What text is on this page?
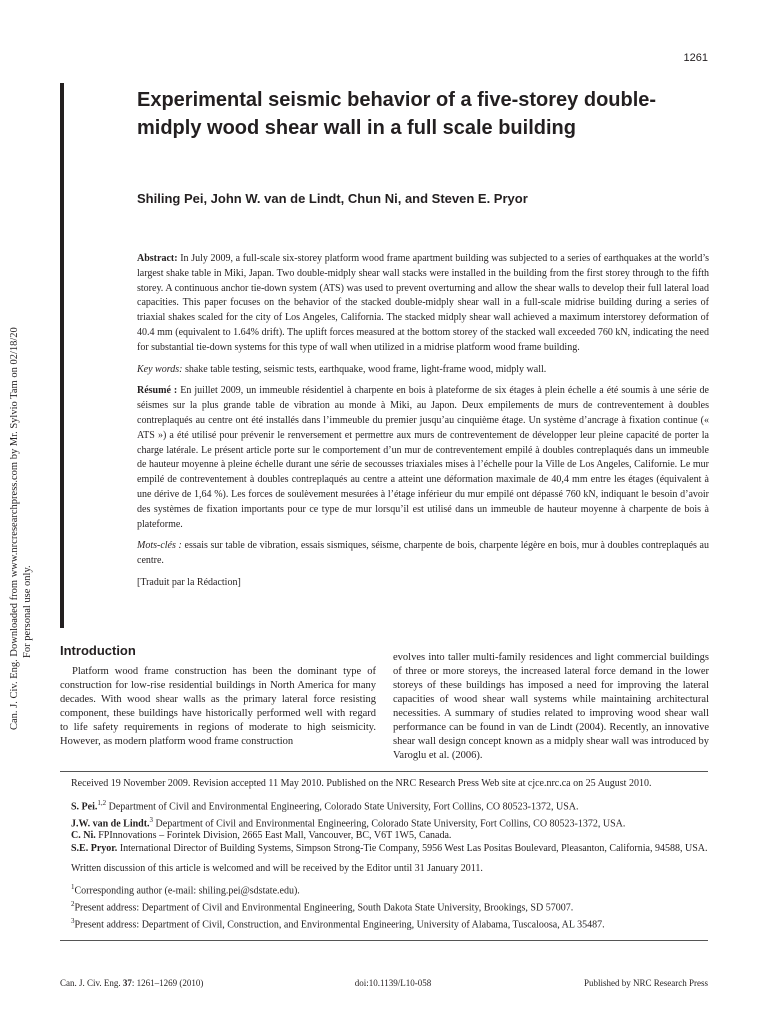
1261
Experimental seismic behavior of a five-storey double-midply wood shear wall in a full scale building
Shiling Pei, John W. van de Lindt, Chun Ni, and Steven E. Pryor
Can. J. Civ. Eng. Downloaded from www.nrcresearchpress.com by Mr. Sylvio Tam on 02/18/20 For personal use only.

Abstract: In July 2009, a full-scale six-storey platform wood frame apartment building was subjected to a series of earthquakes at the world’s largest shake table in Miki, Japan. Two double-midply shear wall stacks were installed in the building from the first storey through to the fifth storey. A continuous anchor tie-down system (ATS) was used to prevent overturning and allow the shear walls to develop their full lateral load capacities. This paper focuses on the behavior of the stacked double-midply shear wall in a full-scale midrise building during a series of triaxial shakes scaled for the city of Los Angeles, California. The stacked midply shear wall achieved a maximum interstorey deformation of 40.4 mm (equivalent to 1.64% drift). The uplift forces measured at the bottom storey of the stacked wall exceeded 760 kN, indicating the need for substantial tie-down systems for this type of wall when utilized in a midrise platform wood frame building.

Key words: shake table testing, seismic tests, earthquake, wood frame, light-frame wood, midply wall.

Résumé : En juillet 2009, un immeuble résidentiel à charpente en bois à plateforme de six étages à plein échelle a été soumis à une série de séismes sur la plus grande table de vibration au monde à Miki, au Japon. Deux empilements de murs de contreventement à doubles contreplaqués au centre ont été installés dans l’immeuble du premier jusqu’au cinquième étage. Un système d’ancrage à fixation continue (« ATS ») a été utilisé pour prévenir le renversement et permettre aux murs de contreventement de développer leur pleine capacité de porter la charge latérale. Le présent article porte sur le comportement d’un mur de contreventement empilé à doubles contreplaqués dans un immeuble de hauteur moyenne à pleine échelle durant une série de secousses triaxiales mises à l’échelle pour la Ville de Los Angeles, Californie. Le mur empilé de contreventement à doubles contreplaqués au centre a atteint une déformation maximale de 40,4 mm entre les étages (équivalent à une dérive de 1,64 %). Les forces de soulèvement mesurées à l’étage inférieur du mur empilé ont dépassé 760 kN, indiquant le besoin d’avoir des systèmes de fixation importants pour ce type de mur lorsqu’il est utilisé dans un immeuble de hauteur moyenne à charpente de bois à plateforme.

Mots-clés : essais sur table de vibration, essais sismiques, séisme, charpente de bois, charpente légère en bois, mur à doubles contreplaqués au centre.

[Traduit par la Rédaction]

Introduction

Platform wood frame construction has been the dominant type of construction for low-rise residential buildings in North America for many decades. With wood shear walls as the primary lateral force resisting component, these buildings have historically performed well with regard to life safety requirements in regions of moderate to high seismicity. However, as modern platform wood frame construction

evolves into taller multi-family residences and light commercial buildings of three or more storeys, the increased lateral force demand in the lower storeys of these buildings has imposed a need for improving the lateral capacities of wood shear wall systems while maintaining architectural necessities. A summary of studies related to improving wood shear wall performance can be found in van de Lindt (2004). Recently, an innovative shear wall design concept known as a midply shear wall was introduced by Varoglu et al. (2006).

Received 19 November 2009. Revision accepted 11 May 2010. Published on the NRC Research Press Web site at cjce.nrc.ca on 25 August 2010.

S. Pei.$^{1,2}$ Department of Civil and Environmental Engineering, Colorado State University, Fort Collins, CO 80523-1372, USA.

J.W. van de Lindt.$^3$ Department of Civil and Environmental Engineering, Colorado State University, Fort Collins, CO 80523-1372, USA.

C. Ni. FPInnovations – Forintek Division, 2665 East Mall, Vancouver, BC, V6T 1W5, Canada.

S.E. Pryor. International Director of Building Systems, Simpson Strong-Tie Company, 5956 West Las Positas Boulevard, Pleasanton, California, 94588, USA.

Written discussion of this article is welcomed and will be received by the Editor until 31 January 2011.

$^1$Corresponding author (e-mail: shiling.pei@sdstate.edu).

$^2$Present address: Department of Civil and Environmental Engineering, South Dakota State University, Brookings, SD 57007.

$^3$Present address: Department of Civil, Construction, and Environmental Engineering, University of Alabama, Tuscaloosa, AL 35487.

Can. J. Civ. Eng. 37: 1261–1269 (2010)	doi:10.1139/L10-058	Published by NRC Research Press
